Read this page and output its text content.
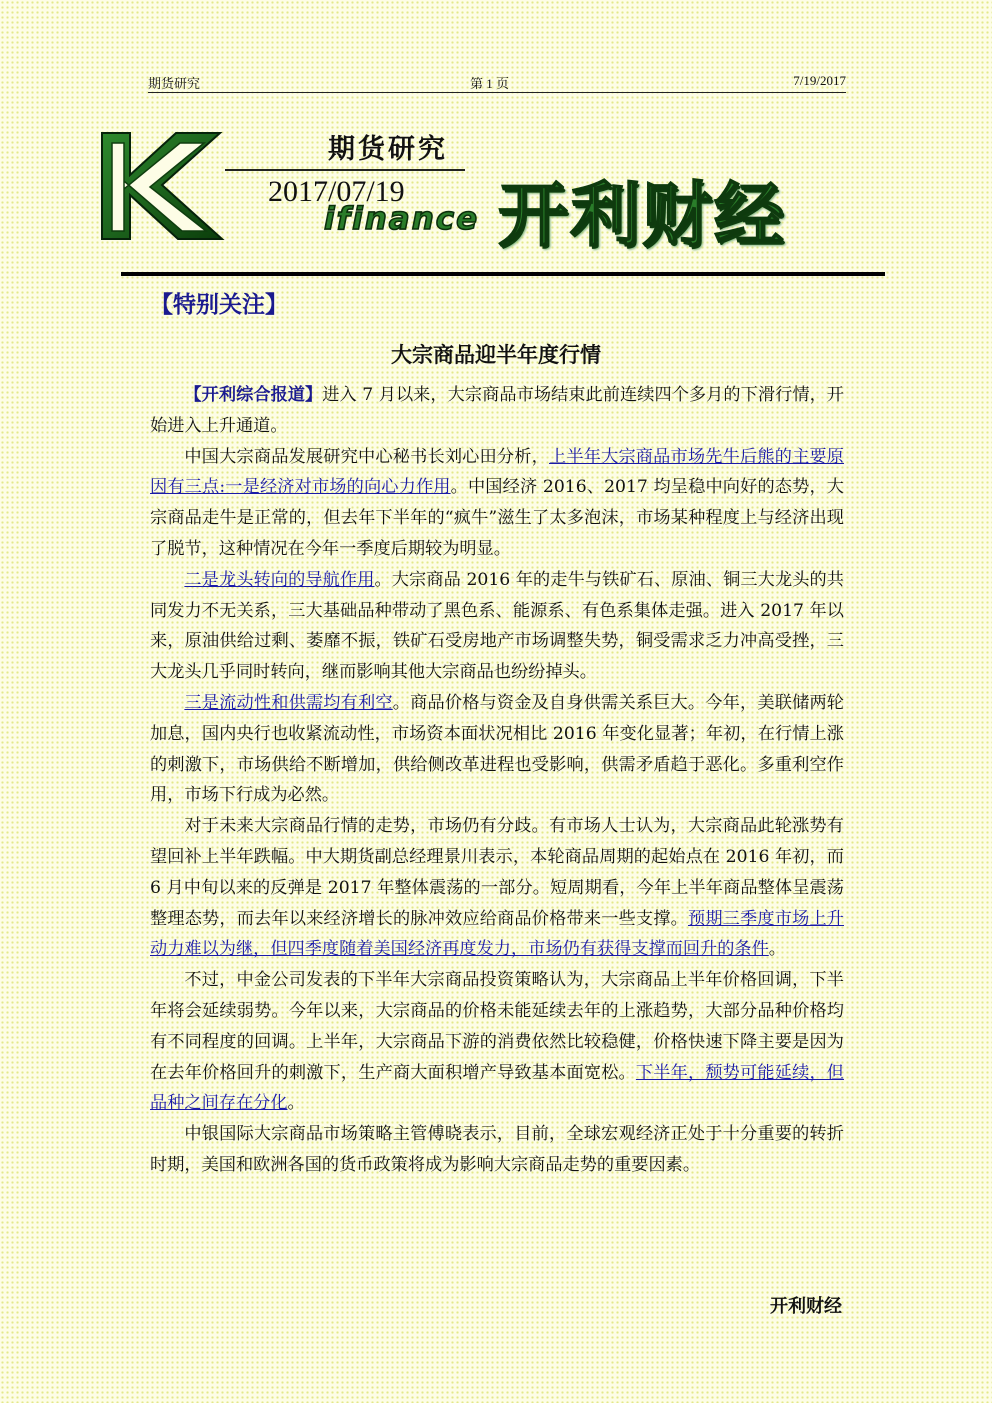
期货研究	第 1 页	7/19/2017
期货研究
2017/07/19
ifinance 开利财经
【特别关注】
大宗商品迎半年度行情

【开利综合报道】进入 7 月以来，大宗商品市场结束此前连续四个多月的下滑行情，开始进入上升通道。

中国大宗商品发展研究中心秘书长刘心田分析，上半年大宗商品市场先牛后熊的主要原因有三点:一是经济对市场的向心力作用。中国经济 2016、2017 均呈稳中向好的态势，大宗商品走牛是正常的，但去年下半年的“疯牛”滋生了太多泡沫，市场某种程度上与经济出现了脱节，这种情况在今年一季度后期较为明显。

二是龙头转向的导航作用。大宗商品 2016 年的走牛与铁矿石、原油、铜三大龙头的共同发力不无关系，三大基础品种带动了黑色系、能源系、有色系集体走强。进入 2017 年以来，原油供给过剩、萎靡不振，铁矿石受房地产市场调整失势，铜受需求乏力冲高受挫，三大龙头几乎同时转向，继而影响其他大宗商品也纷纷掉头。

三是流动性和供需均有利空。商品价格与资金及自身供需关系巨大。今年，美联储两轮加息，国内央行也收紧流动性，市场资本面状况相比 2016 年变化显著；年初，在行情上涨的刺激下，市场供给不断增加，供给侧改革进程也受影响，供需矛盾趋于恶化。多重利空作用，市场下行成为必然。

对于未来大宗商品行情的走势，市场仍有分歧。有市场人士认为，大宗商品此轮涨势有望回补上半年跌幅。中大期货副总经理景川表示，本轮商品周期的起始点在 2016 年初，而 6 月中旬以来的反弹是 2017 年整体震荡的一部分。短周期看，今年上半年商品整体呈震荡整理态势，而去年以来经济增长的脉冲效应给商品价格带来一些支撑。预期三季度市场上升动力难以为继，但四季度随着美国经济再度发力，市场仍有获得支撑而回升的条件。

不过，中金公司发表的下半年大宗商品投资策略认为，大宗商品上半年价格回调，下半年将会延续弱势。今年以来，大宗商品的价格未能延续去年的上涨趋势，大部分品种价格均有不同程度的回调。上半年，大宗商品下游的消费依然比较稳健，价格快速下降主要是因为在去年价格回升的刺激下，生产商大面积增产导致基本面宽松。下半年，颓势可能延续，但品种之间存在分化。

中银国际大宗商品市场策略主管傅晓表示，目前，全球宏观经济正处于十分重要的转折时期，美国和欧洲各国的货币政策将成为影响大宗商品走势的重要因素。

开利财经
